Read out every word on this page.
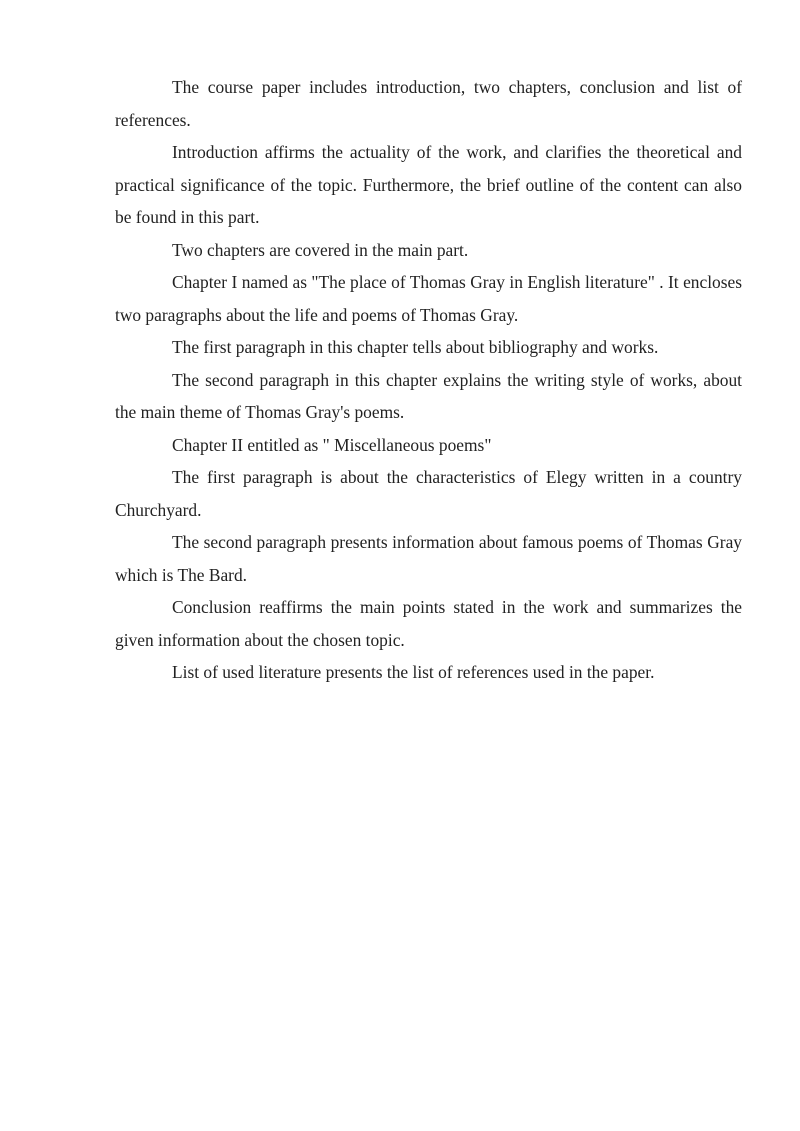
The course paper includes introduction, two chapters, conclusion and list of references.

Introduction affirms the actuality of the work, and clarifies the theoretical and practical significance of the topic. Furthermore, the brief outline of the content can also be found in this part.

Two chapters are covered in the main part.

Chapter I named as "The place of Thomas Gray in English literature" . It encloses two paragraphs about the life and poems of Thomas Gray.

The first paragraph in this chapter tells about bibliography and works.

The second paragraph in this chapter explains the writing style of works, about the main theme of Thomas Gray's poems.

Chapter II entitled as " Miscellaneous poems"

The first paragraph is about the characteristics of Elegy written in a country Churchyard.

The second paragraph presents information about famous poems of Thomas Gray which is The Bard.

Conclusion reaffirms the main points stated in the work and summarizes the given information about the chosen topic.

List of used literature presents the list of references used in the paper.
